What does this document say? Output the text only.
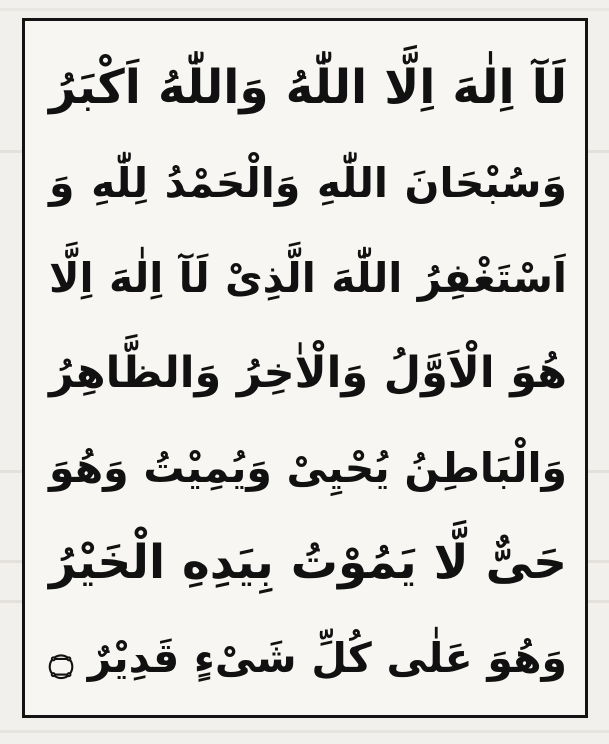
لَآ اِلٰهَ اِلَّا اللّٰهُ وَاللّٰهُ اَكْبَرُ
وَسُبْحَانَ اللّٰهِ وَالْحَمْدُ لِلّٰهِ وَ
اَسْتَغْفِرُ اللّٰهَ الَّذِىْ لَآ اِلٰهَ اِلَّا
هُوَ الْاَوَّلُ وَالْاٰخِرُ وَالظَّاهِرُ
وَالْبَاطِنُ يُحْيِىْ وَيُمِيْتُ وَهُوَ
حَىٌّ لَّا يَمُوْتُ بِيَدِهِ الْخَيْرُ
وَهُوَ عَلٰى كُلِّ شَىْءٍ قَدِيْرٌ ۝
